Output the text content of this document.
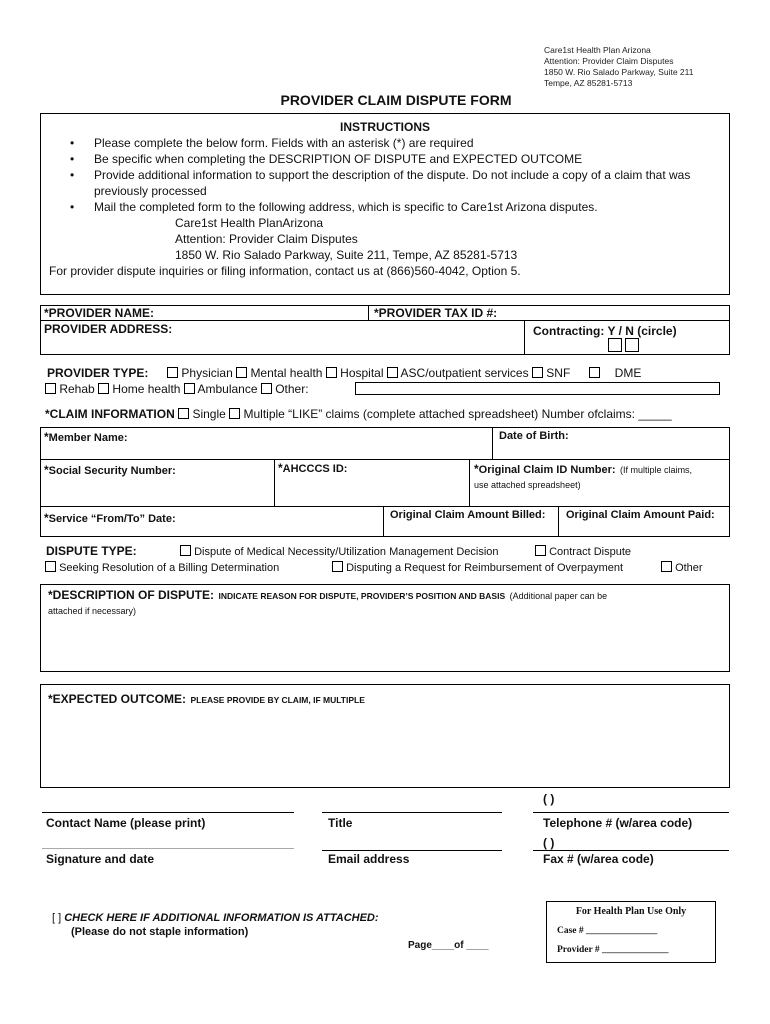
Care1st Health Plan Arizona
Attention: Provider Claim Disputes
1850 W. Rio Salado Parkway, Suite 211
Tempe, AZ 85281-5713
PROVIDER CLAIM DISPUTE FORM
INSTRUCTIONS
• Please complete the below form. Fields with an asterisk (*) are required
• Be specific when completing the DESCRIPTION OF DISPUTE and EXPECTED OUTCOME
• Provide additional information to support the description of the dispute. Do not include a copy of a claim that was
previously processed
• Mail the completed form to the following address, which is specific to Care1st Arizona disputes.
Care1st Health PlanArizona
Attention: Provider Claim Disputes
1850 W. Rio Salado Parkway, Suite 211, Tempe, AZ 85281-5713
For provider dispute inquiries or filing information, contact us at (866)560-4042, Option 5.
*PROVIDER NAME:	*PROVIDER TAX ID #:
PROVIDER ADDRESS:	Contracting: Y / N (circle)
PROVIDER TYPE:	Physician Mental health Hospital ASC/outpatient services SNF	DME
Rehab Home health Ambulance Other:
*CLAIM INFORMATION Single Multiple “LIKE” claims (complete attached spreadsheet) Number ofclaims: _____
*Member Name:	Date of Birth:
*Social Security Number:	*AHCCCS ID:	*Original Claim ID Number: (If multiple claims,
use attached spreadsheet)
*Service “From/To” Date:	Original Claim Amount Billed: Original Claim Amount Paid:
DISPUTE TYPE:	Dispute of Medical Necessity/Utilization Management Decision	Contract Dispute
Seeking Resolution of a Billing Determination	Disputing a Request for Reimbursement of Overpayment	Other
*DESCRIPTION OF DISPUTE: INDICATE REASON FOR DISPUTE, PROVIDER’S POSITION AND BASIS (Additional paper can be
attached if necessary)
*EXPECTED OUTCOME: PLEASE PROVIDE BY CLAIM, IF MULTIPLE
( )
Contact Name (please print)	Title	Telephone # (w/area code)
( )
Signature and date	Email address	Fax # (w/area code)
[ ] CHECK HERE IF ADDITIONAL INFORMATION IS ATTACHED:
(Please do not staple information)
Page____of ____
For Health Plan Use Only
Case # _______________
Provider # ______________
